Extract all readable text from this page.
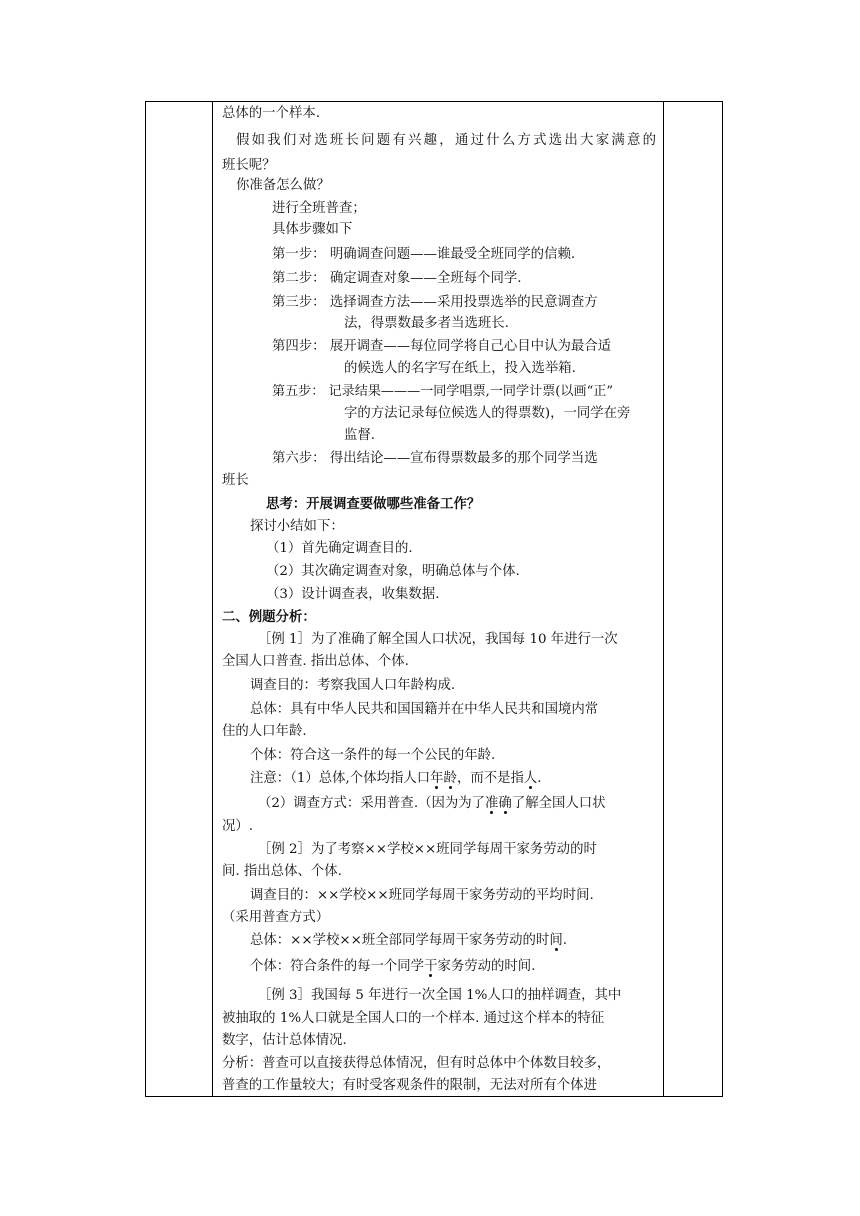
总体的一个样本.
假如我们对选班长问题有兴趣，通过什么方式选出大家满意的
班长呢？
你准备怎么做？
进行全班普查；
具体步骤如下
第一步： 明确调查问题——谁最受全班同学的信赖.
第二步： 确定调查对象——全班每个同学.
第三步： 选择调查方法——采用投票选举的民意调查方
法，得票数最多者当选班长.
第四步： 展开调查——每位同学将自己心目中认为最合适
的候选人的名字写在纸上，投入选举箱.
第五步： 记录结果———一同学唱票,一同学计票(以画“正”
字的方法记录每位候选人的得票数)，一同学在旁
监督.
第六步： 得出结论——宣布得票数最多的那个同学当选
班长
思考：开展调查要做哪些准备工作？
探讨小结如下：
（1）首先确定调查目的.
（2）其次确定调查对象，明确总体与个体.
（3）设计调查表，收集数据.
二、例题分析：
［例 1］为了准确了解全国人口状况，我国每 10 年进行一次
全国人口普查. 指出总体、个体.
调查目的：考察我国人口年龄构成.
总体：具有中华人民共和国国籍并在中华人民共和国境内常
住的人口年龄.
个体：符合这一条件的每一个公民的年龄.
注意：（1）总体,个体均指人口年龄，而不是指人.
（2）调查方式：采用普查.（因为为了准确了解全国人口状
况）.
［例 2］为了考察××学校××班同学每周干家务劳动的时
间. 指出总体、个体.
调查目的：××学校××班同学每周干家务劳动的平均时间.
（采用普查方式）
总体：××学校××班全部同学每周干家务劳动的时间.
个体：符合条件的每一个同学干家务劳动的时间.
［例 3］我国每 5 年进行一次全国 1%人口的抽样调查，其中
被抽取的 1%人口就是全国人口的一个样本. 通过这个样本的特征
数字，估计总体情况.
分析：普查可以直接获得总体情况，但有时总体中个体数目较多，
普查的工作量较大；有时受客观条件的限制，无法对所有个体进
